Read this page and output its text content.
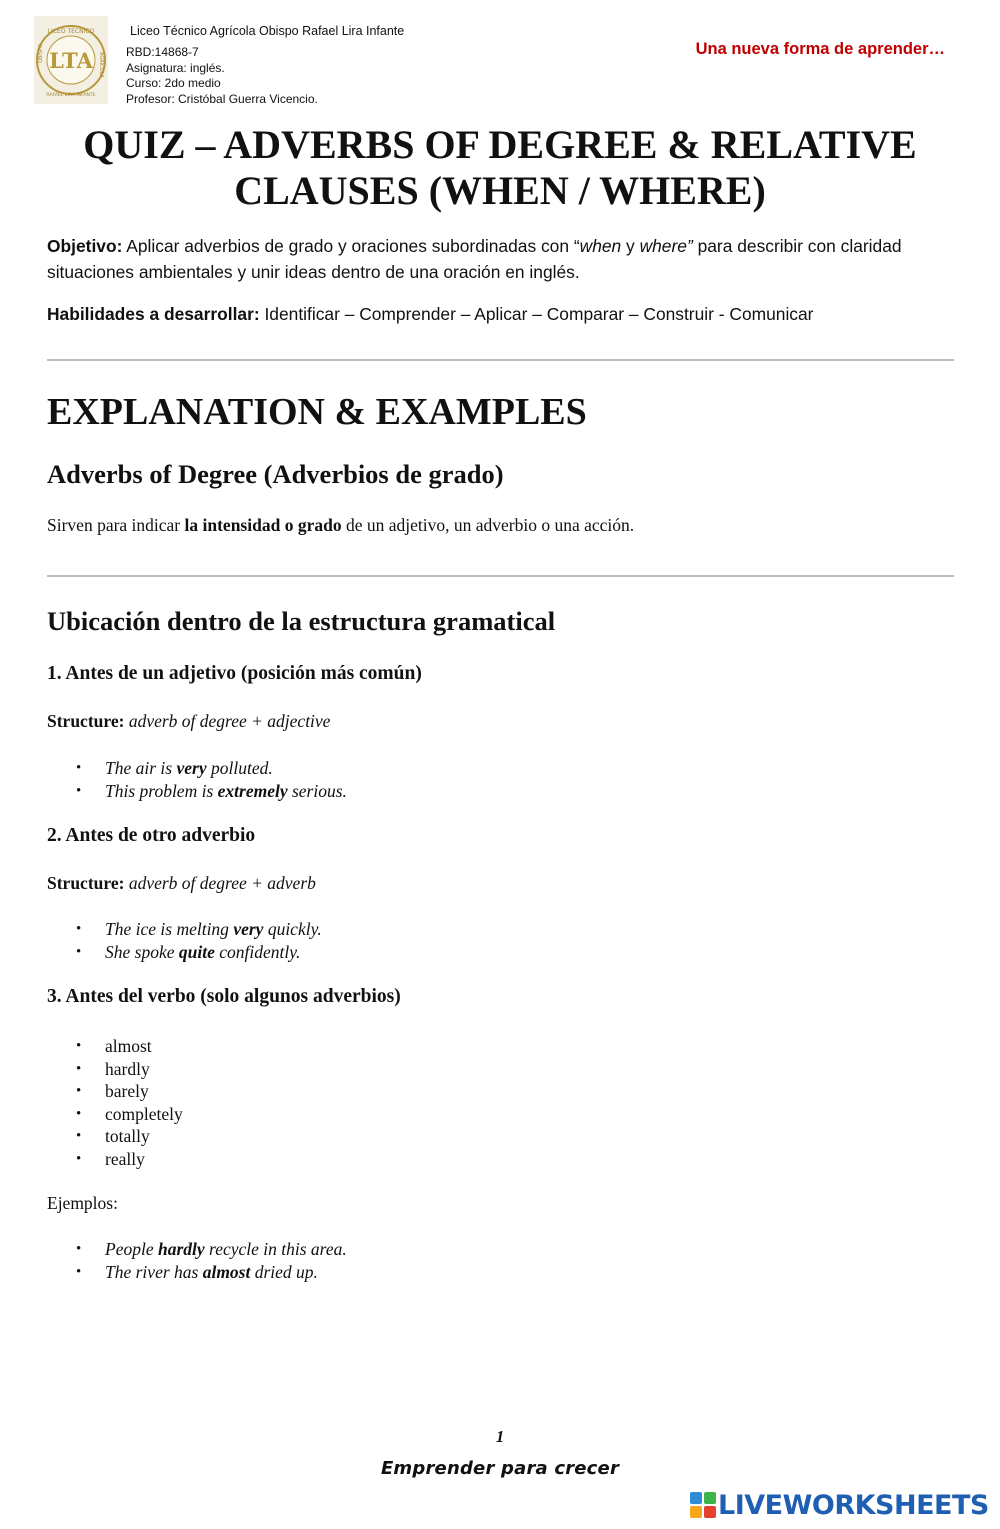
LICEO TÉCNICO
OBISPO	AGRÍCOLA
RAFAEL LIRA INFANTE
LTA
Liceo Técnico Agrícola Obispo Rafael Lira Infante
RBD:14868-7
Asignatura: inglés.
Curso: 2do medio
Profesor: Cristóbal Guerra Vicencio.
Una nueva forma de aprender…
QUIZ – ADVERBS OF DEGREE & RELATIVE
CLAUSES (WHEN / WHERE)
Objetivo: Aplicar adverbios de grado y oraciones subordinadas con “when y where” para describir con claridad situaciones ambientales y unir ideas dentro de una oración en inglés.
Habilidades a desarrollar: Identificar – Comprender – Aplicar – Comparar – Construir - Comunicar
EXPLANATION & EXAMPLES
Adverbs of Degree (Adverbios de grado)
Sirven para indicar la intensidad o grado de un adjetivo, un adverbio o una acción.
Ubicación dentro de la estructura gramatical
1. Antes de un adjetivo (posición más común)
Structure: adverb of degree + adjective
• The air is very polluted.
• This problem is extremely serious.
2. Antes de otro adverbio
Structure: adverb of degree + adverb
• The ice is melting very quickly.
• She spoke quite confidently.
3. Antes del verbo (solo algunos adverbios)
• almost
• hardly
• barely
• completely
• totally
• really
Ejemplos:
• People hardly recycle in this area.
• The river has almost dried up.
1
Emprender para crecer
LIVEWORKSHEETS
